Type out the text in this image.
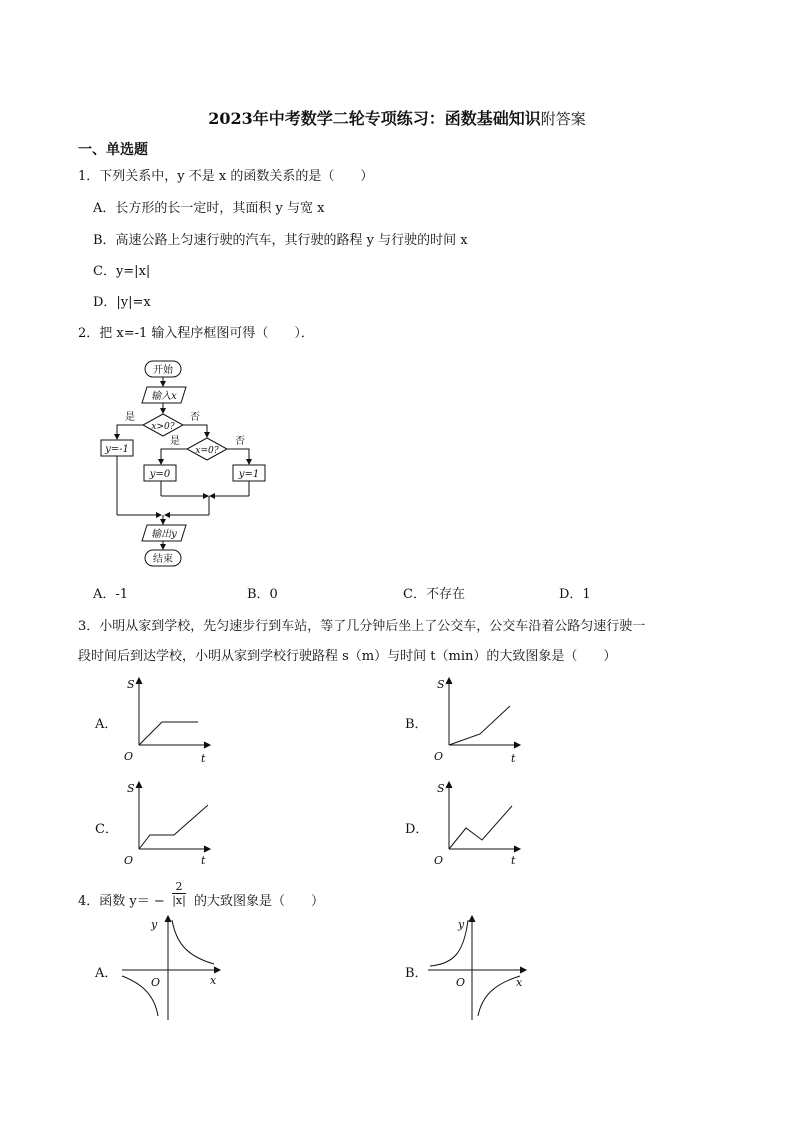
2023年中考数学二轮专项练习：函数基础知识附答案
一、单选题
1．下列关系中，y 不是 x 的函数关系的是（　　）
A．长方形的长一定时，其面积 y 与宽 x
B．高速公路上匀速行驶的汽车，其行驶的路程 y 与行驶的时间 x
C．y=|x|
D．|y|=x
2．把 x=-1 输入程序框图可得（　　）．
开始
输入x
x>0?
x=0?
是	否
是	否
y=-1
y=0	y=1
输出y
结束
A．-1	B．0	C．不存在	D．1
3．小明从家到学校，先匀速步行到车站，等了几分钟后坐上了公交车，公交车沿着公路匀速行驶一
段时间后到达学校，小明从家到学校行驶路程 s（m）与时间 t（min）的大致图象是（　　）
A．	B．
C．	D．
S
O	t
S
O	t
S
O	t
S
O	t
4．函数 $y= - \frac{2}{|x|}$ 的大致图象是（　　）
A．	B．
y
O	x
y
O	x
